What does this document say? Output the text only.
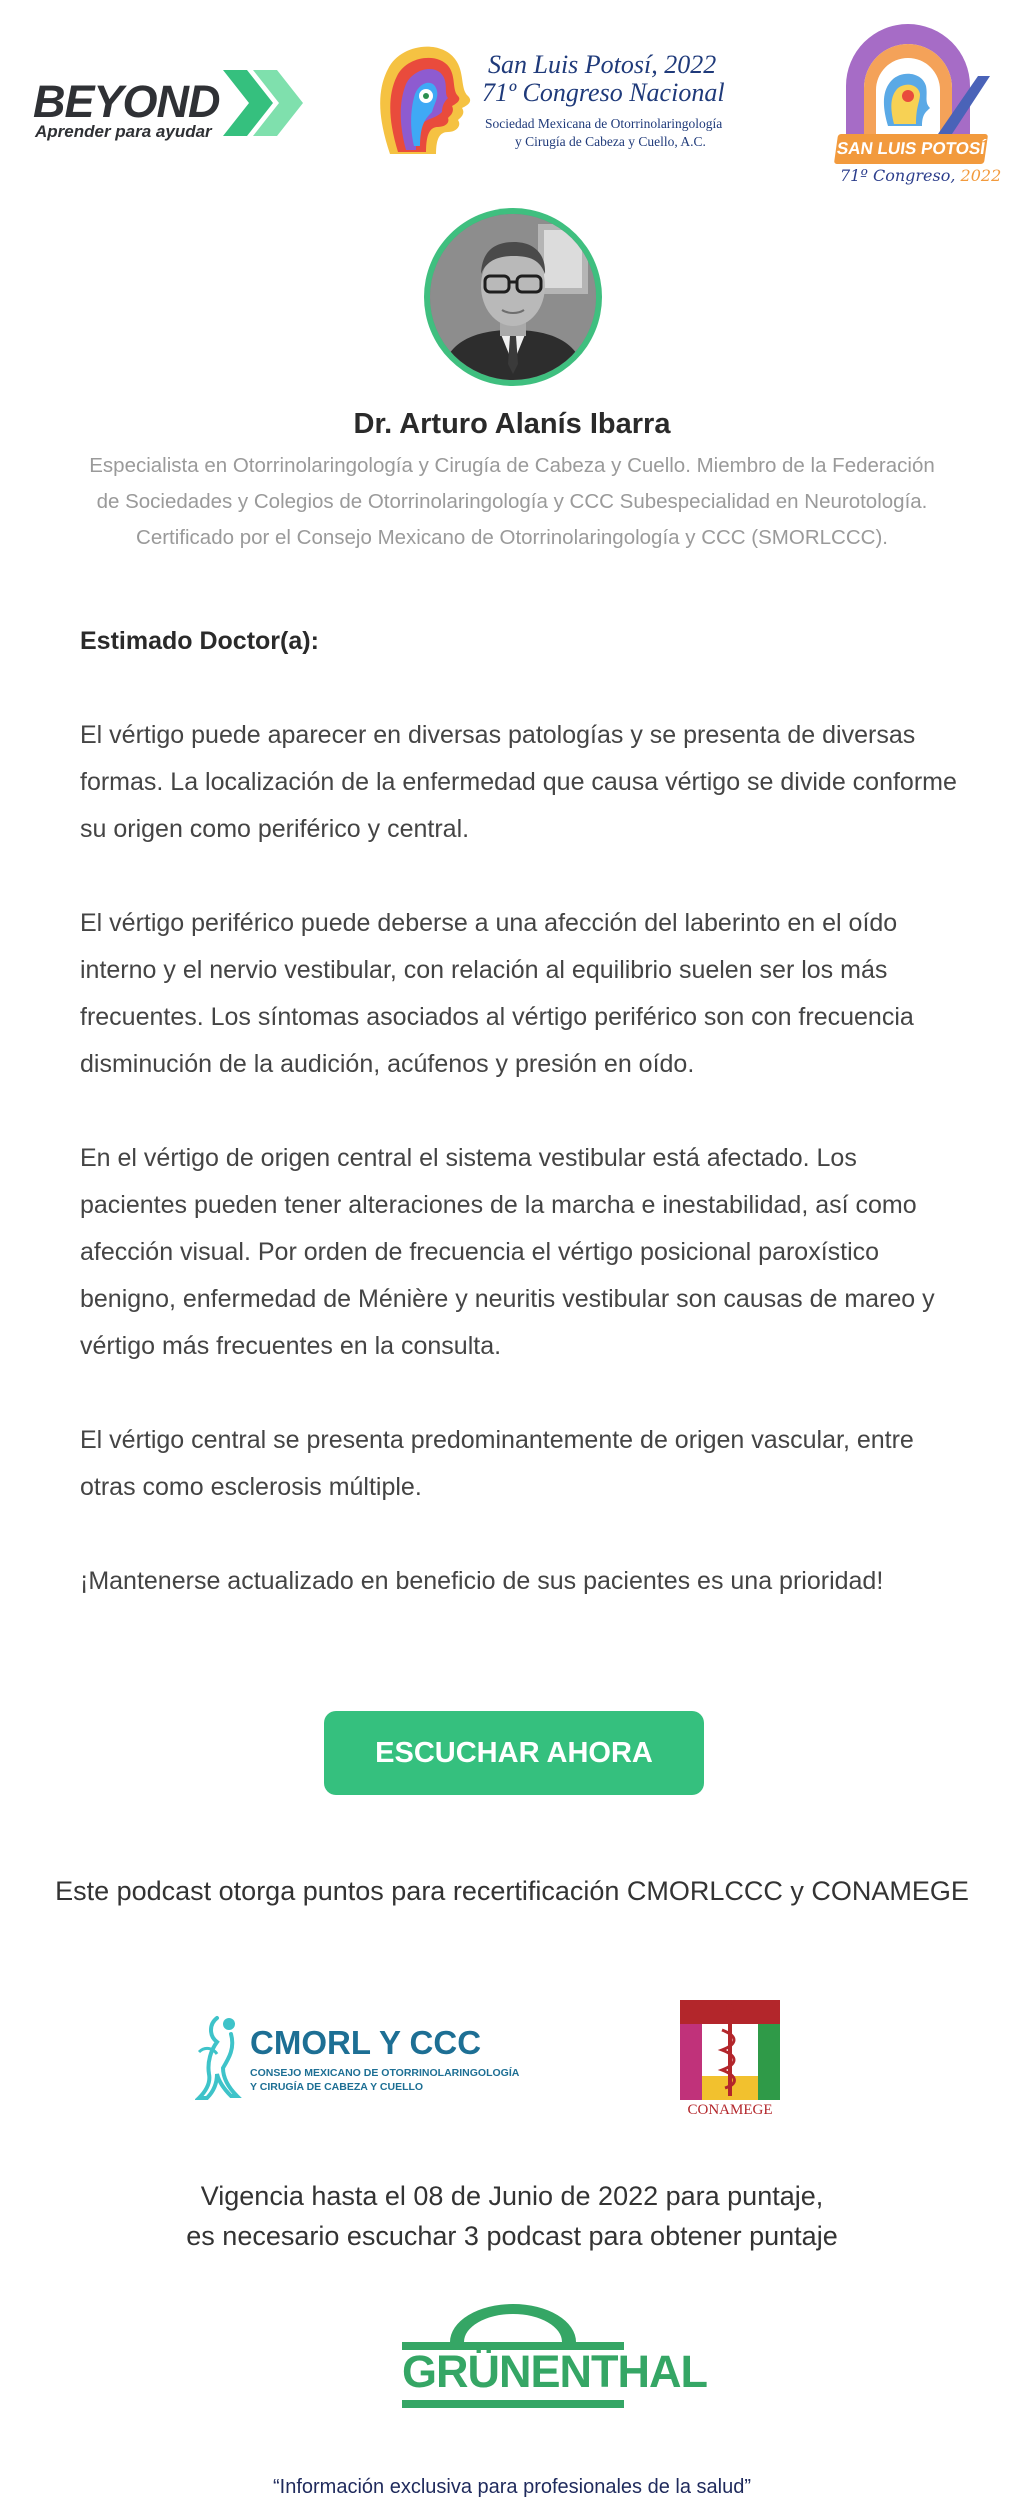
BEYOND
Aprender para ayudar
San Luis Potosí, 2022
71º Congreso Nacional
Sociedad Mexicana de Otorrinolaringología
y Cirugía de Cabeza y Cuello, A.C.	SAN LUIS POTOSÍ
71º Congreso, 2022
Dr. Arturo Alanís Ibarra
Especialista en Otorrinolaringología y Cirugía de Cabeza y Cuello. Miembro de la Federación de Sociedades y Colegios de Otorrinolaringología y CCC Subespecialidad en Neurotología. Certificado por el Consejo Mexicano de Otorrinolaringología y CCC (SMORLCCC).
Estimado Doctor(a):

El vértigo puede aparecer en diversas patologías y se presenta de diversas formas. La localización de la enfermedad que causa vértigo se divide conforme su origen como periférico y central.

El vértigo periférico puede deberse a una afección del laberinto en el oído interno y el nervio vestibular, con relación al equilibrio suelen ser los más frecuentes. Los síntomas asociados al vértigo periférico son con frecuencia disminución de la audición, acúfenos y presión en oído.

En el vértigo de origen central el sistema vestibular está afectado. Los pacientes pueden tener alteraciones de la marcha e inestabilidad, así como afección visual. Por orden de frecuencia el vértigo posicional paroxístico benigno, enfermedad de Ménière y neuritis vestibular son causas de mareo y vértigo más frecuentes en la consulta.

El vértigo central se presenta predominantemente de origen vascular, entre otras como esclerosis múltiple.

¡Mantenerse actualizado en beneficio de sus pacientes es una prioridad!

ESCUCHAR AHORA
Este podcast otorga puntos para recertificación CMORLCCC y CONAMEGE
CMORL Y CCC
CONSEJO MEXICANO DE OTORRINOLARINGOLOGÍA
Y CIRUGÍA DE CABEZA Y CUELLO
CONAMEGE
Vigencia hasta el 08 de Junio de 2022 para puntaje,
es necesario escuchar 3 podcast para obtener puntaje
GRÜNENTHAL
“Información exclusiva para profesionales de la salud”
